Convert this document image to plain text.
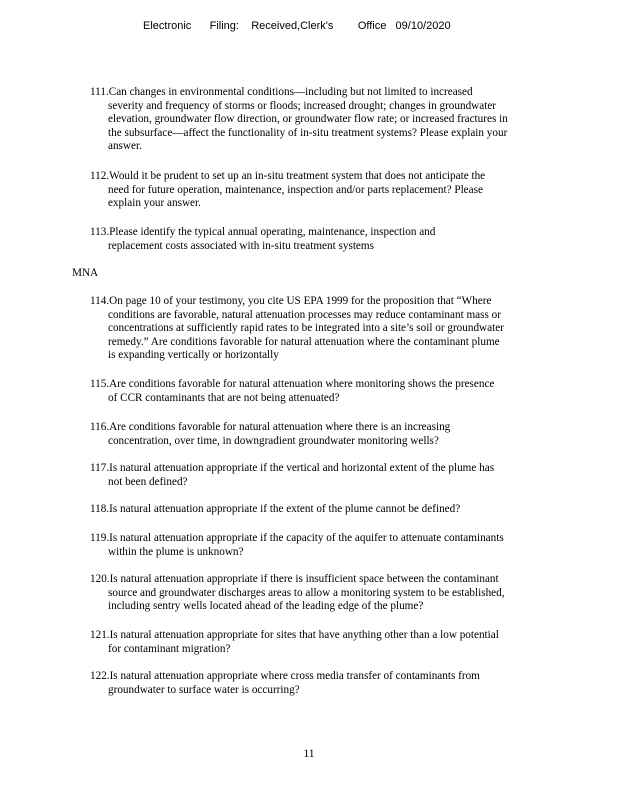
Electronic      Filing:    Received,Clerk's        Office   09/10/2020
111. Can changes in environmental conditions—including but not limited to increased
severity and frequency of storms or floods; increased drought; changes in groundwater
elevation, groundwater flow direction, or groundwater flow rate; or increased fractures in
the subsurface—affect the functionality of in-situ treatment systems? Please explain your
answer.
112. Would it be prudent to set up an in-situ treatment system that does not anticipate the
need for future operation, maintenance, inspection and/or parts replacement? Please
explain your answer.
113. Please identify the typical annual operating, maintenance, inspection and
replacement costs associated with in-situ treatment systems
MNA
114. On page 10 of your testimony, you cite US EPA 1999 for the proposition that “Where
conditions are favorable, natural attenuation processes may reduce contaminant mass or
concentrations at sufficiently rapid rates to be integrated into a site’s soil or groundwater
remedy.” Are conditions favorable for natural attenuation where the contaminant plume
is expanding vertically or horizontally
115. Are conditions favorable for natural attenuation where monitoring shows the presence
of CCR contaminants that are not being attenuated?
116. Are conditions favorable for natural attenuation where there is an increasing
concentration, over time, in downgradient groundwater monitoring wells?
117. Is natural attenuation appropriate if the vertical and horizontal extent of the plume has
not been defined?
118. Is natural attenuation appropriate if the extent of the plume cannot be defined?
119. Is natural attenuation appropriate if the capacity of the aquifer to attenuate contaminants
within the plume is unknown?
120. Is natural attenuation appropriate if there is insufficient space between the contaminant
source and groundwater discharges areas to allow a monitoring system to be established,
including sentry wells located ahead of the leading edge of the plume?
121. Is natural attenuation appropriate for sites that have anything other than a low potential
for contaminant migration?
122. Is natural attenuation appropriate where cross media transfer of contaminants from
groundwater to surface water is occurring?
11
